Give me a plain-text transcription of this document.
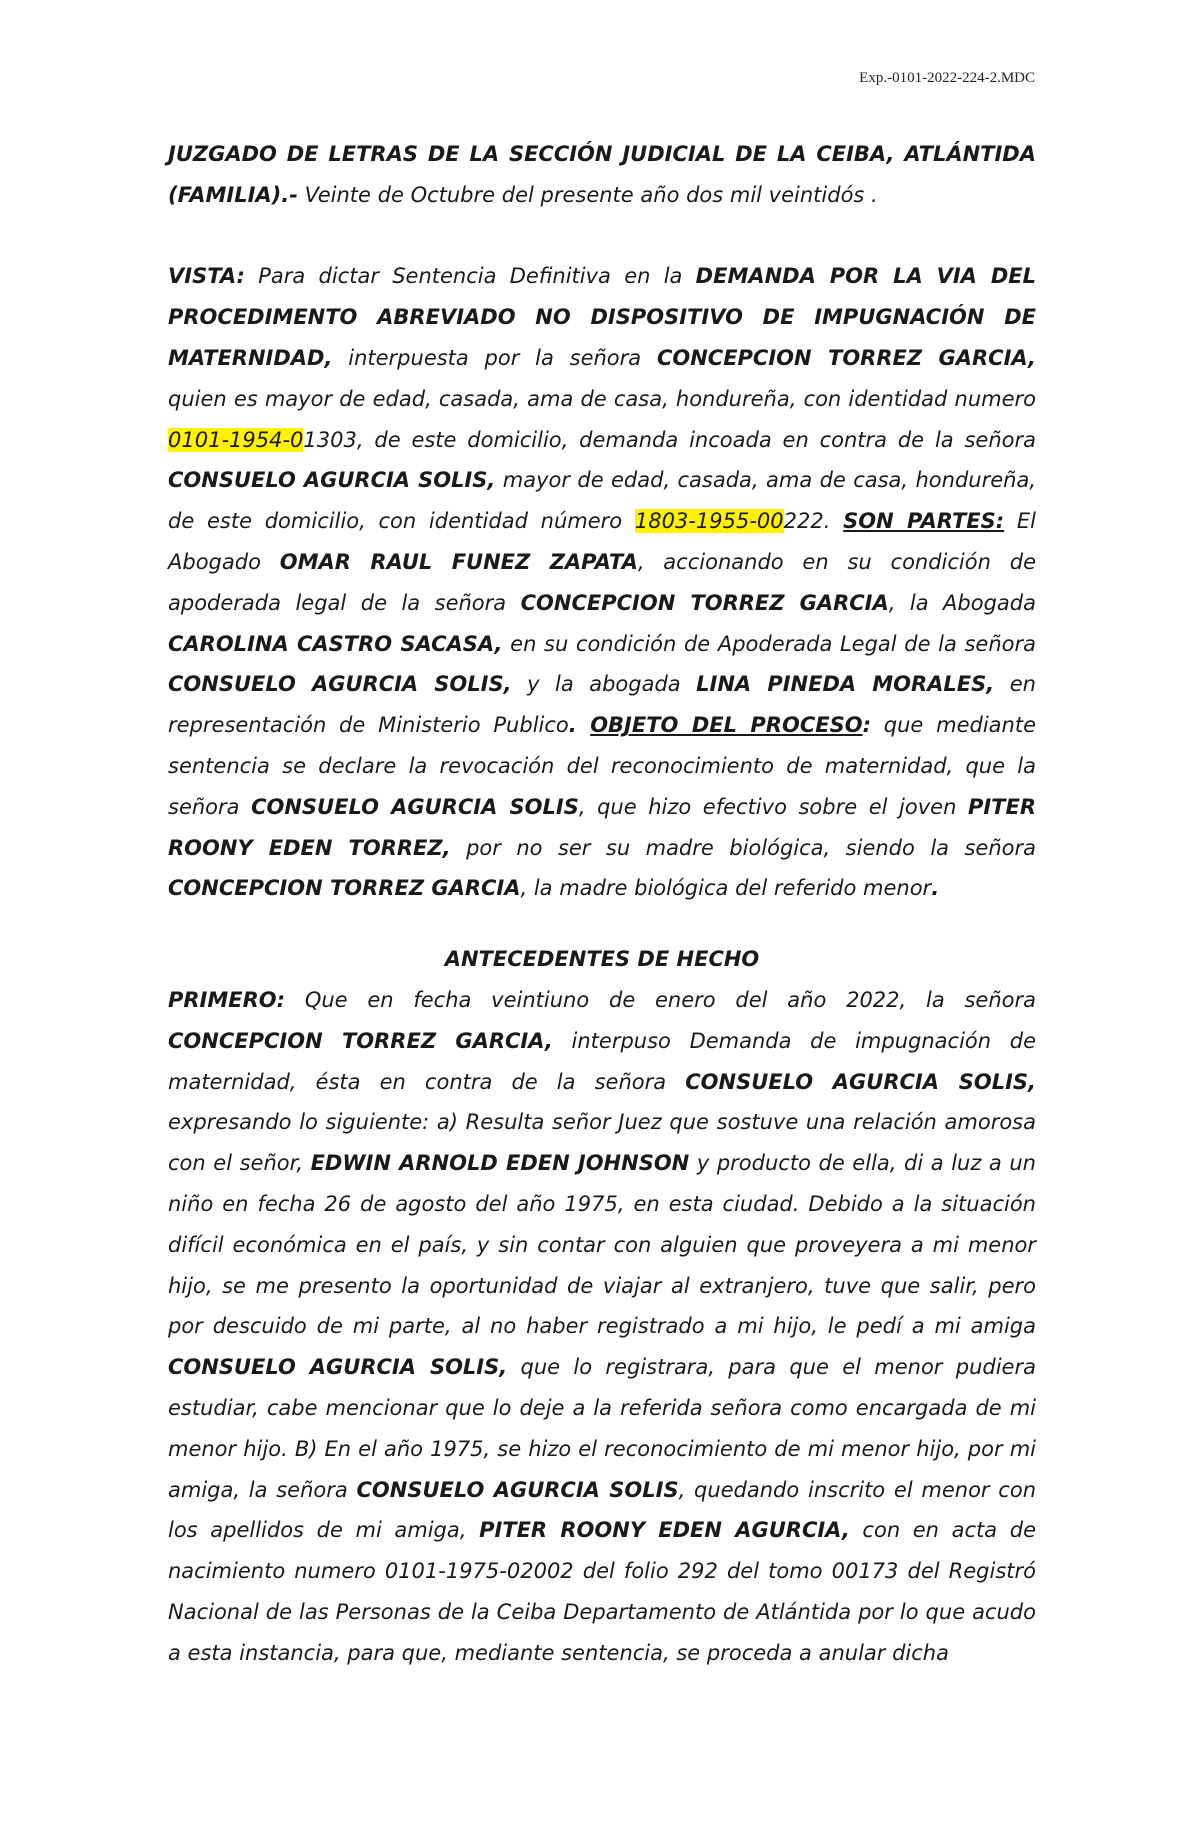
Exp.-0101-2022-224-2.MDC

JUZGADO DE LETRAS DE LA SECCIÓN JUDICIAL DE LA CEIBA, ATLÁNTIDA (FAMILIA).- Veinte de Octubre del presente año dos mil veintidós .

VISTA: Para dictar Sentencia Definitiva en la DEMANDA POR LA VIA DEL PROCEDIMENTO ABREVIADO NO DISPOSITIVO DE IMPUGNACIÓN DE MATERNIDAD, interpuesta por la señora CONCEPCION TORREZ GARCIA, quien es mayor de edad, casada, ama de casa, hondureña, con identidad numero 0101-1954-01303, de este domicilio, demanda incoada en contra de la señora CONSUELO AGURCIA SOLIS, mayor de edad, casada, ama de casa, hondureña, de este domicilio, con identidad número 1803-1955-00222. SON PARTES: El Abogado OMAR RAUL FUNEZ ZAPATA, accionando en su condición de apoderada legal de la señora CONCEPCION TORREZ GARCIA, la Abogada CAROLINA CASTRO SACASA, en su condición de Apoderada Legal de la señora CONSUELO AGURCIA SOLIS, y la abogada LINA PINEDA MORALES, en representación de Ministerio Publico. OBJETO DEL PROCESO: que mediante sentencia se declare la revocación del reconocimiento de maternidad, que la señora CONSUELO AGURCIA SOLIS, que hizo efectivo sobre el joven PITER ROONY EDEN TORREZ, por no ser su madre biológica, siendo la señora CONCEPCION TORREZ GARCIA, la madre biológica del referido menor.

ANTECEDENTES DE HECHO

PRIMERO: Que en fecha veintiuno de enero del año 2022, la señora CONCEPCION TORREZ GARCIA, interpuso Demanda de impugnación de maternidad, ésta en contra de la señora CONSUELO AGURCIA SOLIS, expresando lo siguiente: a) Resulta señor Juez que sostuve una relación amorosa con el señor, EDWIN ARNOLD EDEN JOHNSON y producto de ella, di a luz a un niño en fecha 26 de agosto del año 1975, en esta ciudad. Debido a la situación difícil económica en el país, y sin contar con alguien que proveyera a mi menor hijo, se me presento la oportunidad de viajar al extranjero, tuve que salir, pero por descuido de mi parte, al no haber registrado a mi hijo, le pedí a mi amiga CONSUELO AGURCIA SOLIS, que lo registrara, para que el menor pudiera estudiar, cabe mencionar que lo deje a la referida señora como encargada de mi menor hijo. B) En el año 1975, se hizo el reconocimiento de mi menor hijo, por mi amiga, la señora CONSUELO AGURCIA SOLIS, quedando inscrito el menor con los apellidos de mi amiga, PITER ROONY EDEN AGURCIA, con en acta de nacimiento numero 0101-1975-02002 del folio 292 del tomo 00173 del Registró Nacional de las Personas de la Ceiba Departamento de Atlántida por lo que acudo a esta instancia, para que, mediante sentencia, se proceda a anular dicha
